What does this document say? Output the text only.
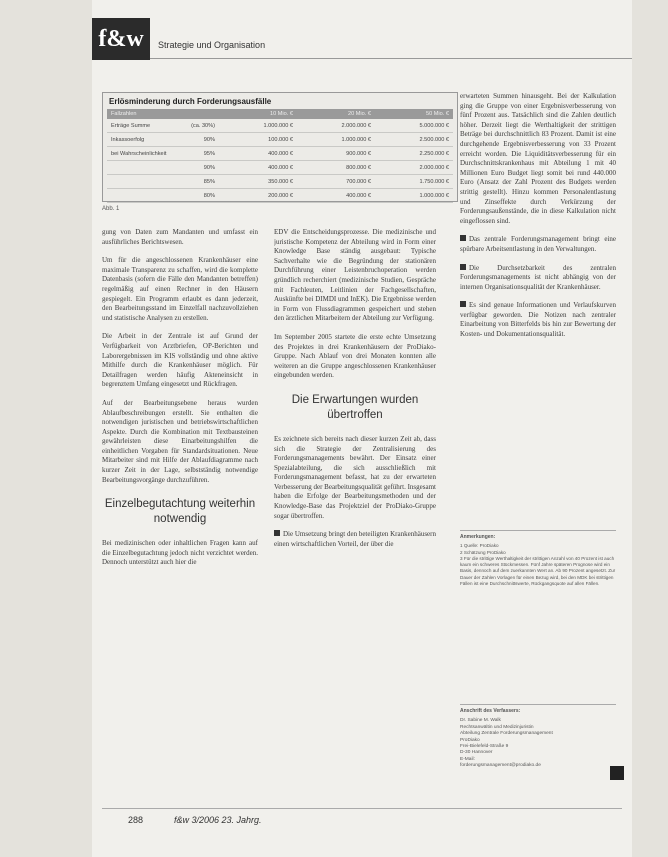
f&w	Strategie und Organisation
Erlösminderung durch Forderungsausfälle
Fallzahlen		10 Mio. €	20 Mio. €	50 Mio. €
Erträge Summe	(ca. 30%)	1.000.000 €	2.000.000 €	5.000.000 €
Inkassoerfolg	90%	100.000 €	1.000.000 €	2.500.000 €
bei Wahrscheinlichkeit	95%	400.000 €	900.000 €	2.250.000 €
	90%	400.000 €	800.000 €	2.000.000 €
	85%	350.000 €	700.000 €	1.750.000 €
	80%	200.000 €	400.000 €	1.000.000 €
Abb. 1

gung von Daten zum Mandanten und umfasst ein ausführliches Berichtswesen.

Um für die angeschlossenen Krankenhäuser eine maximale Transparenz zu schaffen, wird die komplette Datenbasis (sofern die Fälle den Mandanten betreffen) regelmäßig auf einen Rechner in den Häusern gespiegelt. Ein Programm erlaubt es dann jederzeit, den Bearbeitungsstand im Einzelfall nachzuvollziehen und statistische Analysen zu erstellen.

Die Arbeit in der Zentrale ist auf Grund der Verfügbarkeit von Arztbriefen, OP-Berichten und Laborergebnissen im KIS vollständig und ohne aktive Mithilfe durch die Krankenhäuser möglich. Für Detailfragen werden häufig Akteneinsicht in begrenztem Umfang eingesetzt und Rückfragen.

Auf der Bearbeitungsebene heraus wurden Ablaufbeschreibungen erstellt. Sie enthalten die notwendigen juristischen und betriebswirtschaftlichen Aspekte. Durch die Kombination mit Textbausteinen gewährleisten diese Einarbeitungshilfen die einheitlichen Vorgaben für Standardsituationen. Neue Mitarbeiter sind mit Hilfe der Ablaufdiagramme nach kurzer Zeit in der Lage, selbstständig notwendige Bearbeitungsvorgänge durchzuführen.

Einzelbegutachtung weiterhin notwendig

Bei medizinischen oder inhaltlichen Fragen kann auf die Einzelbegutachtung jedoch nicht verzichtet werden. Dennoch unterstützt auch hier die

EDV die Entscheidungsprozesse. Die medizinische und juristische Kompetenz der Abteilung wird in Form einer Knowledge Base ständig ausgebaut: Typische Sachverhalte wie die Begründung der stationären Durchführung einer Leistenbruchoperation werden gründlich recherchiert (medizinische Studien, Gespräche mit Fachleuten, Leitlinien der Fachgesellschaften, Auskünfte bei DIMDI und InEK). Die Ergebnisse werden in Form von Flussdiagrammen gespeichert und stehen den ärztlichen Mitarbeitern der Abteilung zur Verfügung.

Im September 2005 startete die erste echte Umsetzung des Projektes in drei Krankenhäusern der ProDiako-Gruppe. Nach Ablauf von drei Monaten konnten alle weiteren an die Gruppe angeschlossenen Krankenhäuser eingebunden werden.

Die Erwartungen wurden übertroffen

Es zeichnete sich bereits nach dieser kurzen Zeit ab, dass sich die Strategie der Zentralisierung des Forderungsmanagements bewährt. Der Einsatz einer Spezialabteilung, die sich ausschließlich mit Forderungsmanagement befasst, hat zu der erwarteten Verbesserung der Bearbeitungsqualität geführt. Insgesamt haben die Erfolge der Bearbeitungsmethoden und der Knowledge-Base das Projektziel der ProDiako-Gruppe sogar übertroffen.

Die Umsetzung bringt den beteiligten Krankenhäusern einen wirtschaftlichen Vorteil, der über die

erwarteten Summen hinausgeht. Bei der Kalkulation ging die Gruppe von einer Ergebnisverbesserung von fünf Prozent aus. Tatsächlich sind die Zahlen deutlich höher. Derzeit liegt die Werthaltigkeit der strittigen Beträge bei durchschnittlich 83 Prozent. Damit ist eine durchgehende Ergebnisverbesserung von 33 Prozent erreicht worden. Die Liquiditätsverbesserung für ein Durchschnittskrankenhaus mit Abteilung 1 mit 40 Millionen Euro Budget liegt somit bei rund 440.000 Euro (Ansatz der Zahl Prozent des Budgets werden strittig gestellt). Hinzu kommen Personalentlastung und Zinseffekte durch Verkürzung der Forderungsaußenstände, die in diese Kalkulation nicht eingeflossen sind.

Das zentrale Forderungsmanagement bringt eine spürbare Arbeitsentlastung in den Verwaltungen.

Die Durchsetzbarkeit des zentralen Forderungsmanagements ist nicht abhängig von der internen Organisationsqualität der Krankenhäuser.

Es sind genaue Informationen und Verlaufskurven verfügbar geworden. Die Notizen nach zentraler Einarbeitung von Bitterfelds bis hin zur Bewertung der Kosten- und Dokumentationsqualität.

Anmerkungen:
1 Quelle: ProDiako
2 Schätzung ProDiako
3 Für die strittige Werthaltigkeit der strittigen Anzahl von 40 Prozent ist auch kaum ein schweres Stückmessen. Fünf Jahre späteren Prognose wird ein Basis, dennoch auf dem zuerkannten Wert an. Ab 90 Prozent angesetzt. Zur Dauer der Zahlen Vorlagen für einen Bezug wird, bei den MDK bei strittigen Fällen ist eine Durchschnittswerte, Rückgangsquote auf allen Fällen.
Anschrift des Verfassers:
Dr. Sabine M. Walk
Rechtsanwältin und Medizinjuristin
Abteilung Zentrale Forderungsmanagement
ProDiako
Frei-Bielefeld-Straße 9
D-30 Hannover
E-Mail:
forderungsmanagement@prodiako.de
288	f&w 3/2006 23. Jahrg.
